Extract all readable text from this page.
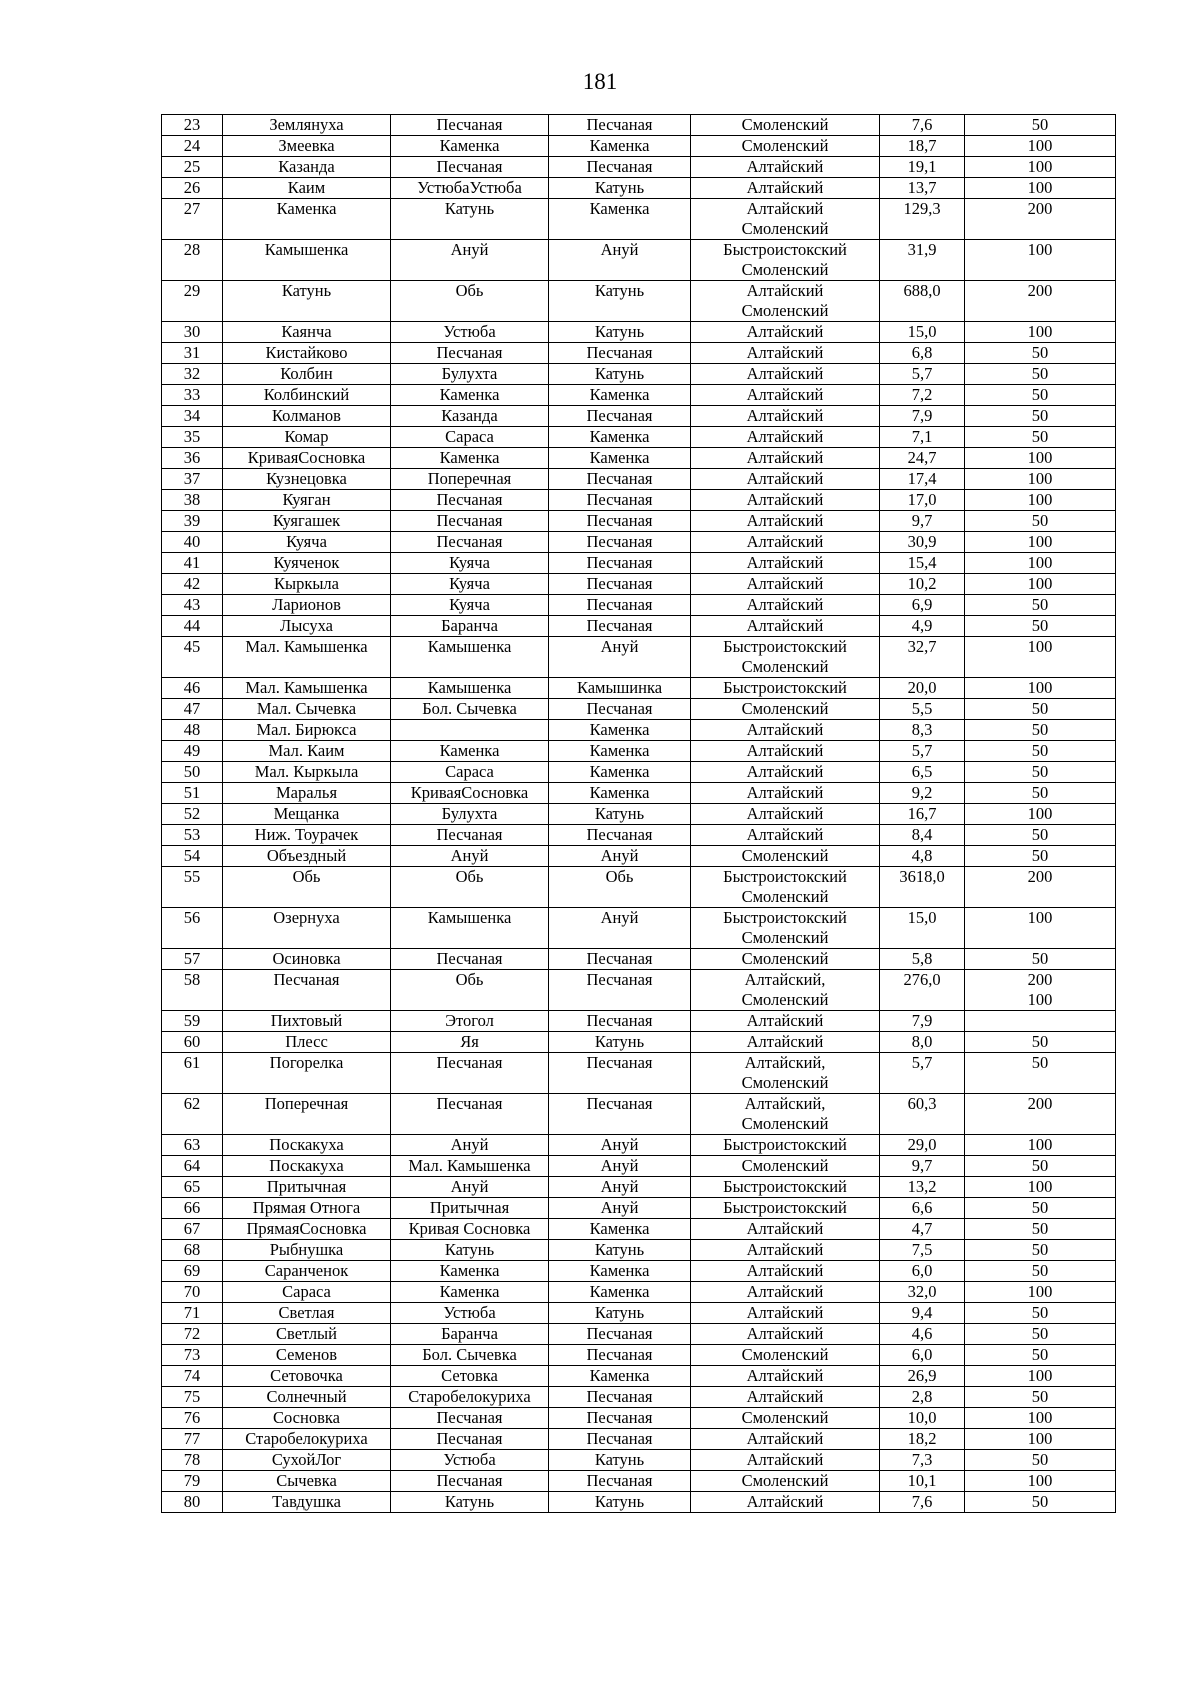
181
23	Землянуха	Песчаная	Песчаная	Смоленский	7,6	50

24	Змеевка	Каменка	Каменка	Смоленский	18,7	100

25	Казанда	Песчаная	Песчаная	Алтайский	19,1	100

26	Каим	УстюбаУстюба	Катунь	Алтайский	13,7	100

27	Каменка	Катунь	Каменка	Алтайский
Смоленский	129,3	200

28	Камышенка	Ануй	Ануй	Быстроистокский
Смоленский	31,9	100

29	Катунь	Обь	Катунь	Алтайский
Смоленский	688,0	200

30	Каянча	Устюба	Катунь	Алтайский	15,0	100

31	Кистайково	Песчаная	Песчаная	Алтайский	6,8	50

32	Колбин	Булухта	Катунь	Алтайский	5,7	50

33	Колбинский	Каменка	Каменка	Алтайский	7,2	50

34	Колманов	Казанда	Песчаная	Алтайский	7,9	50

35	Комар	Сараса	Каменка	Алтайский	7,1	50

36	КриваяСосновка	Каменка	Каменка	Алтайский	24,7	100

37	Кузнецовка	Поперечная	Песчаная	Алтайский	17,4	100

38	Куяган	Песчаная	Песчаная	Алтайский	17,0	100

39	Куягашек	Песчаная	Песчаная	Алтайский	9,7	50

40	Куяча	Песчаная	Песчаная	Алтайский	30,9	100

41	Куяченок	Куяча	Песчаная	Алтайский	15,4	100

42	Кыркыла	Куяча	Песчаная	Алтайский	10,2	100

43	Ларионов	Куяча	Песчаная	Алтайский	6,9	50

44	Лысуха	Баранча	Песчаная	Алтайский	4,9	50

45	Мал. Камышенка	Камышенка	Ануй	Быстроистокский
Смоленский	32,7	100

46	Мал. Камышенка	Камышенка	Камышинка	Быстроистокский	20,0	100

47	Мал. Сычевка	Бол. Сычевка	Песчаная	Смоленский	5,5	50

48	Мал. Бирюкса		Каменка	Алтайский	8,3	50

49	Мал. Каим	Каменка	Каменка	Алтайский	5,7	50

50	Мал. Кыркыла	Сараса	Каменка	Алтайский	6,5	50

51	Маралья	КриваяСосновка	Каменка	Алтайский	9,2	50

52	Мещанка	Булухта	Катунь	Алтайский	16,7	100

53	Ниж. Тоурачек	Песчаная	Песчаная	Алтайский	8,4	50

54	Объездный	Ануй	Ануй	Смоленский	4,8	50

55	Обь	Обь	Обь	Быстроистокский
Смоленский	3618,0	200

56	Озернуха	Камышенка	Ануй	Быстроистокский
Смоленский	15,0	100

57	Осиновка	Песчаная	Песчаная	Смоленский	5,8	50

58	Песчаная	Обь	Песчаная	Алтайский,
Смоленский	276,0	200
100

59	Пихтовый	Этогол	Песчаная	Алтайский	7,9	

60	Плесс	Яя	Катунь	Алтайский	8,0	50

61	Погорелка	Песчаная	Песчаная	Алтайский,
Смоленский	5,7	50

62	Поперечная	Песчаная	Песчаная	Алтайский,
Смоленский	60,3	200

63	Поскакуха	Ануй	Ануй	Быстроистокский	29,0	100

64	Поскакуха	Мал. Камышенка	Ануй	Смоленский	9,7	50

65	Притычная	Ануй	Ануй	Быстроистокский	13,2	100

66	Прямая Отнога	Притычная	Ануй	Быстроистокский	6,6	50

67	ПрямаяСосновка	Кривая Сосновка	Каменка	Алтайский	4,7	50

68	Рыбнушка	Катунь	Катунь	Алтайский	7,5	50

69	Саранченок	Каменка	Каменка	Алтайский	6,0	50

70	Сараса	Каменка	Каменка	Алтайский	32,0	100

71	Светлая	Устюба	Катунь	Алтайский	9,4	50

72	Светлый	Баранча	Песчаная	Алтайский	4,6	50

73	Семенов	Бол. Сычевка	Песчаная	Смоленский	6,0	50

74	Сетовочка	Сетовка	Каменка	Алтайский	26,9	100

75	Солнечный	Старобелокуриха	Песчаная	Алтайский	2,8	50

76	Сосновка	Песчаная	Песчаная	Смоленский	10,0	100

77	Старобелокуриха	Песчаная	Песчаная	Алтайский	18,2	100

78	СухойЛог	Устюба	Катунь	Алтайский	7,3	50

79	Сычевка	Песчаная	Песчаная	Смоленский	10,1	100

80	Тавдушка	Катунь	Катунь	Алтайский	7,6	50
